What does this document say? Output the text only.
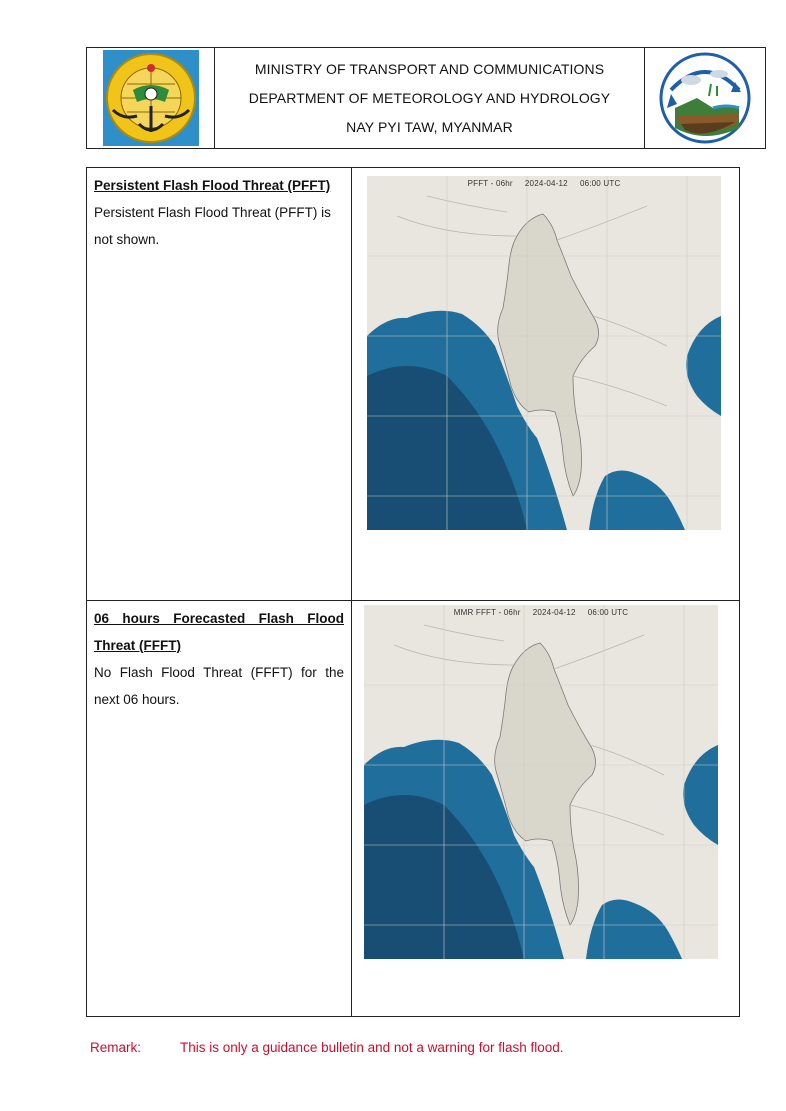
MINISTRY OF TRANSPORT AND COMMUNICATIONS
DEPARTMENT OF METEOROLOGY AND HYDROLOGY
NAY PYI TAW, MYANMAR
Persistent Flash Flood Threat (PFFT)
Persistent Flash Flood Threat (PFFT) is not shown.
PFFT - 06hr 2024-04-12 06:00 UTC
06 hours Forecasted Flash Flood
Threat (FFFT)
No Flash Flood Threat (FFFT) for the
next 06 hours.
MMR FFFT - 06hr 2024-04-12 06:00 UTC
Remark:	This is only a guidance bulletin and not a warning for flash flood.
